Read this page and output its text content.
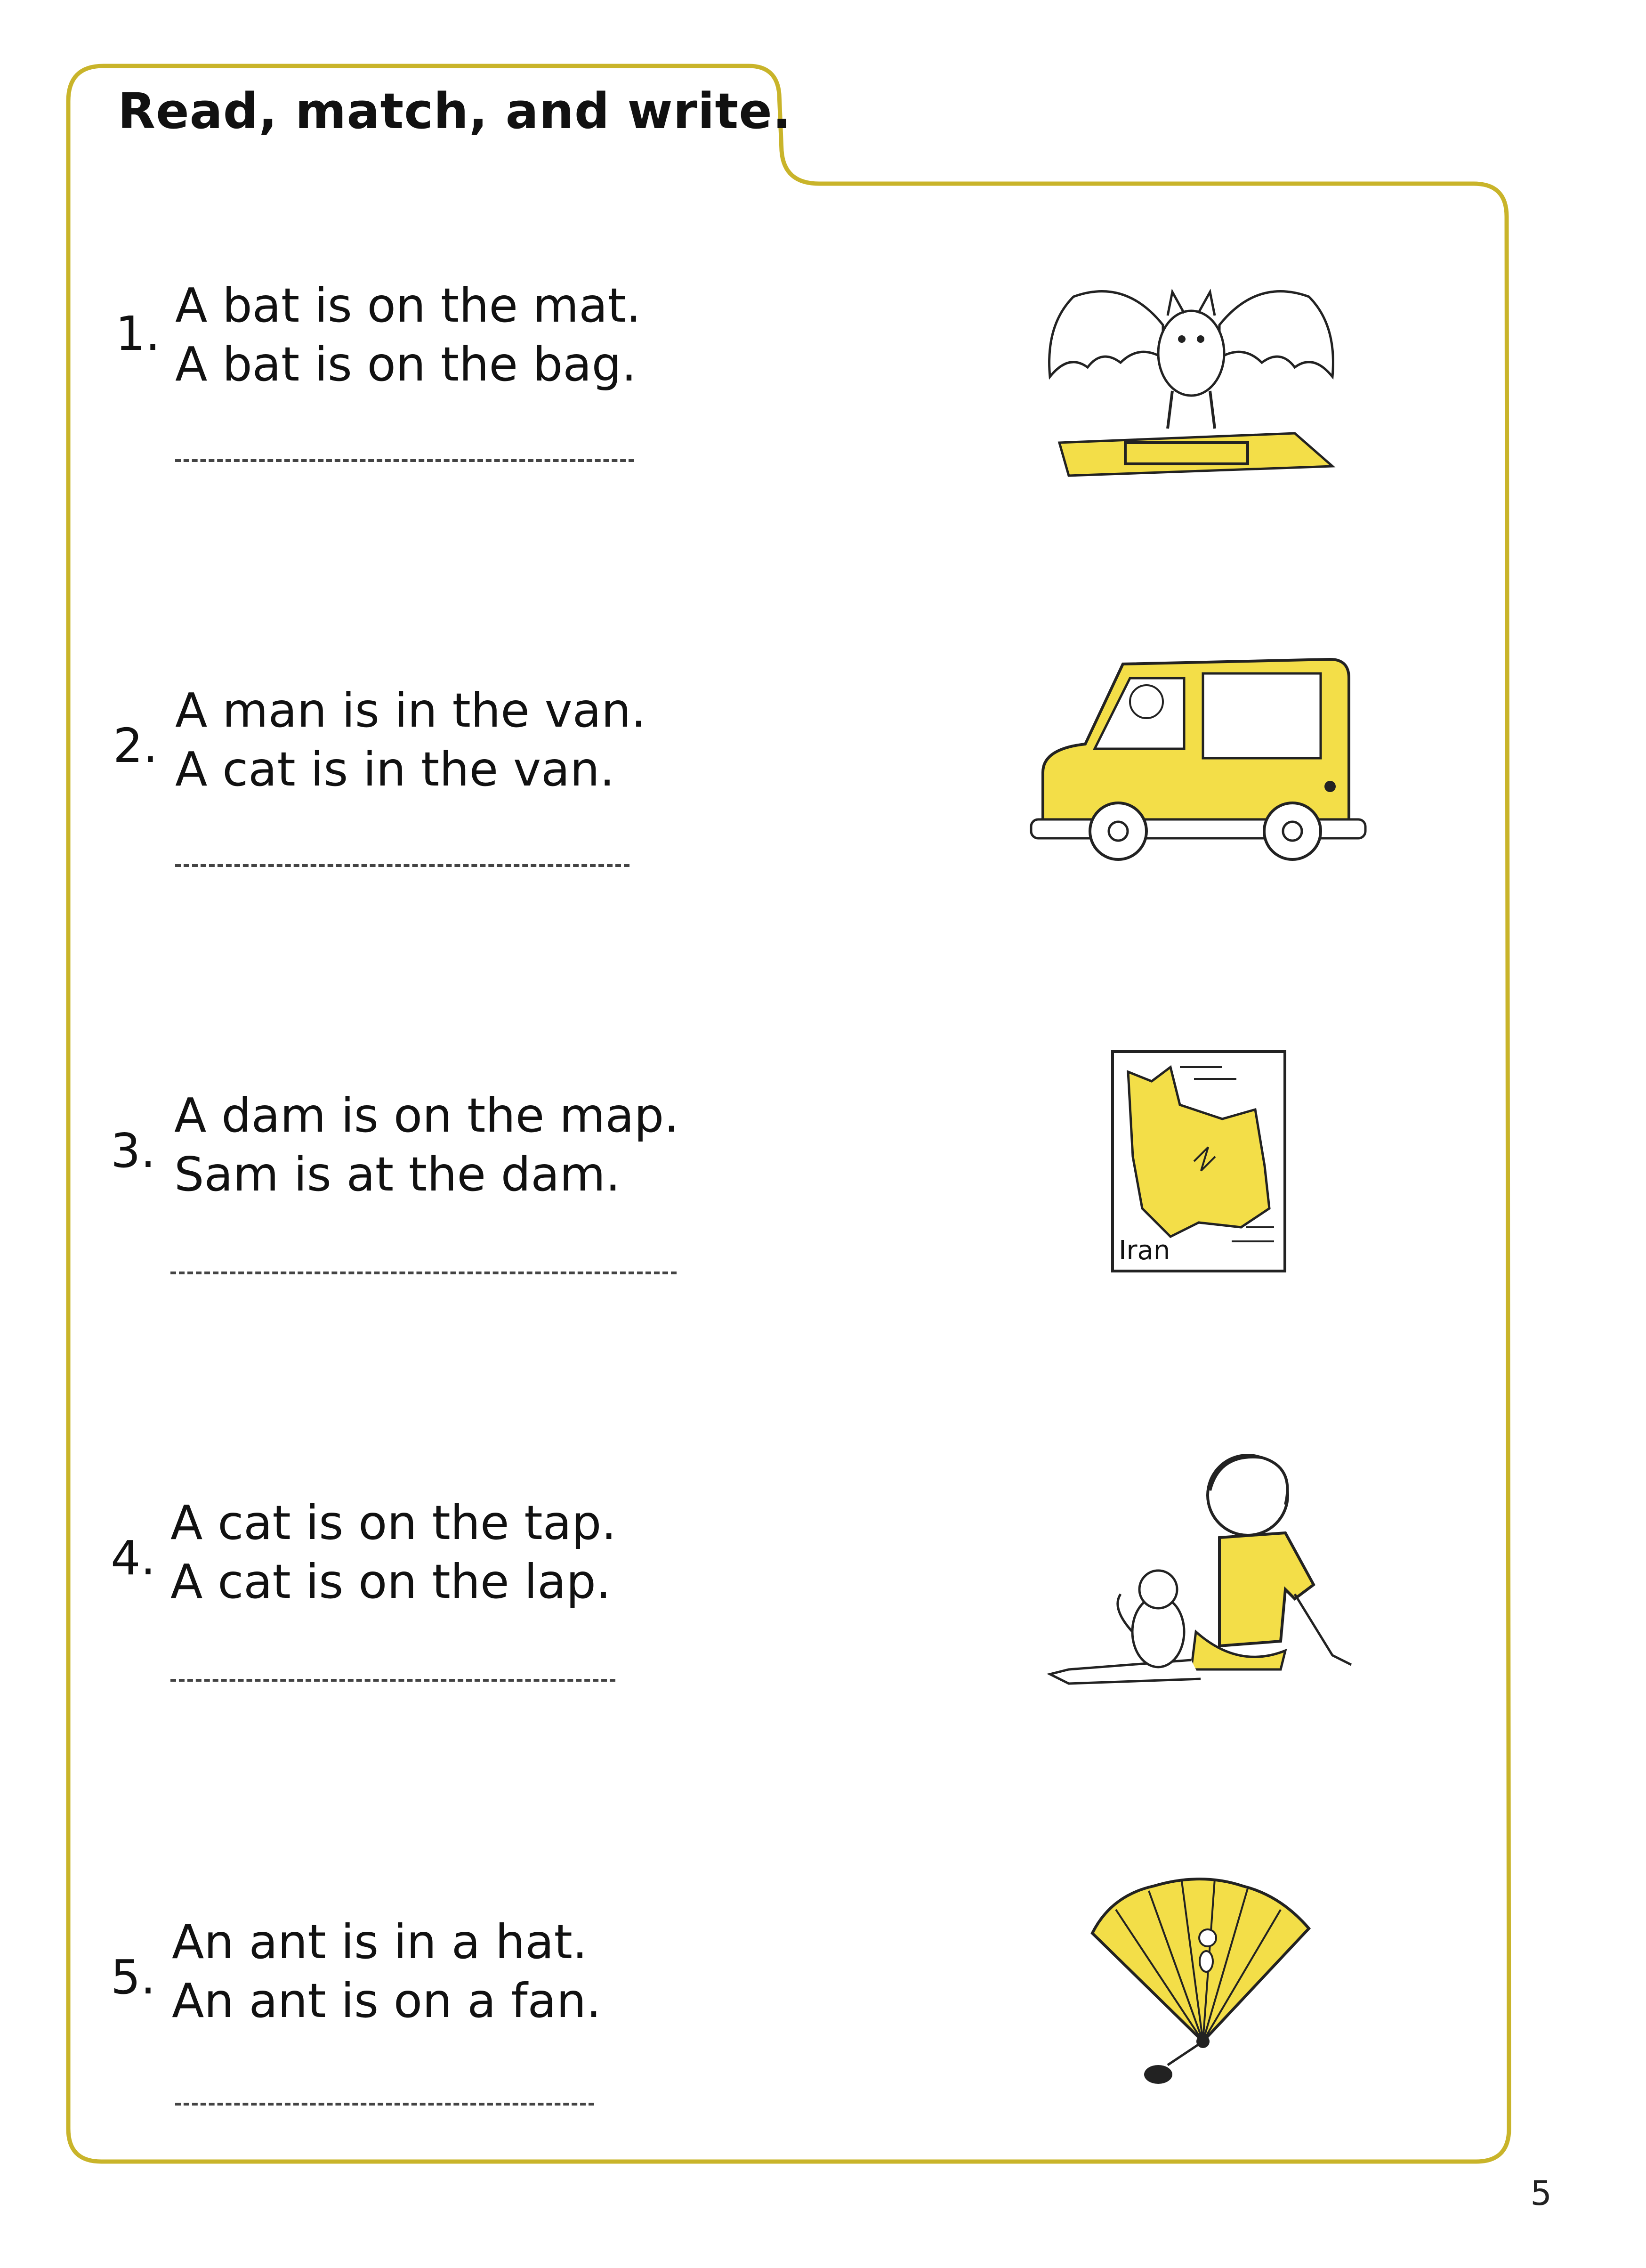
Read, match, and write.
1.
A bat is on the mat.
A bat is on the bag.
2.
A man is in the van.
A cat is in the van.
3.
A dam is on the map.
Sam is at the dam.
Iran
4.
A cat is on the tap.
A cat is on the lap.
5.
An ant is in a hat.
An ant is on a fan.
5
